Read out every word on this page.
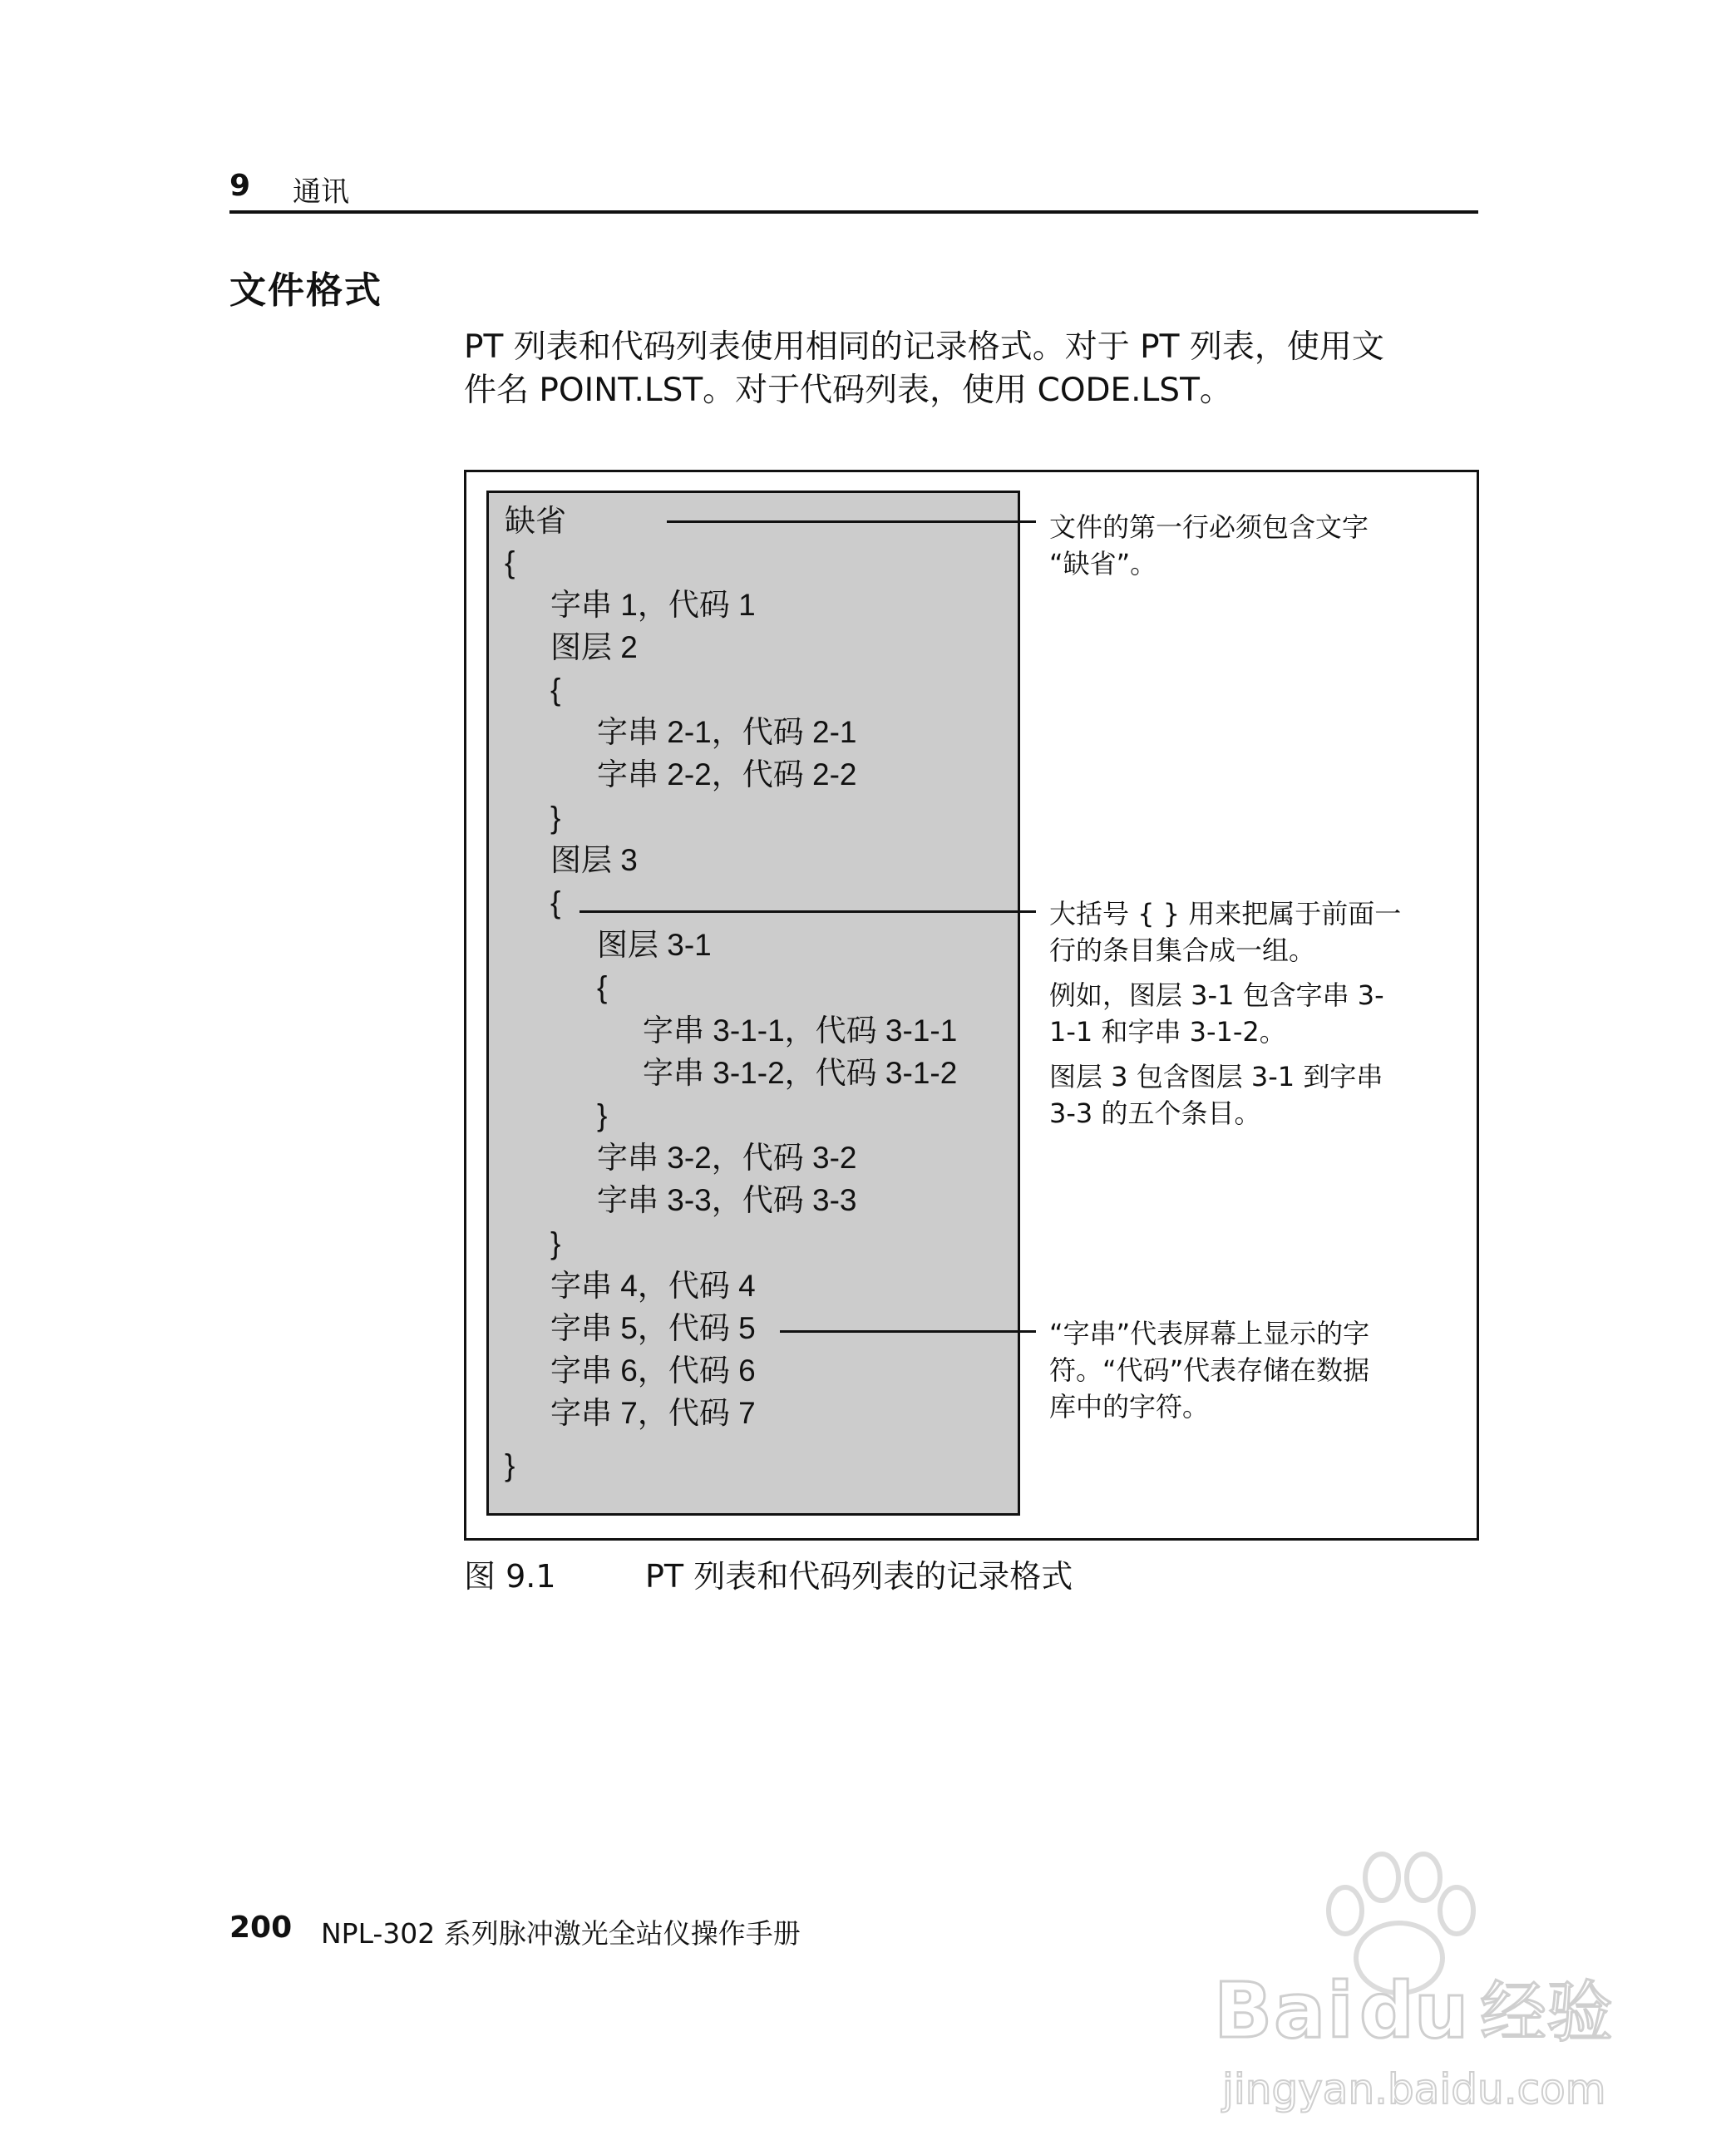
9 通讯
文件格式

PT 列表和代码列表使用相同的记录格式。对于 PT 列表，使用文

件名 POINT.LST。对于代码列表，使用 CODE.LST。

缺省
{
字串 1，代码 1
图层 2
{
字串 2-1，代码 2-1
字串 2-2，代码 2-2
}
图层 3
{
图层 3-1
{
字串 3-1-1，代码 3-1-1
字串 3-1-2，代码 3-1-2
}
字串 3-2，代码 3-2
字串 3-3，代码 3-3
}
字串 4，代码 4
字串 5，代码 5
字串 6，代码 6
字串 7，代码 7
}

文件的第一行必须包含文字

“缺省”。

大括号 { } 用来把属于前面一

行的条目集合成一组。

例如，图层 3-1 包含字串 3-

1-1 和字串 3-1-2。

图层 3 包含图层 3-1 到字串

3-3 的五个条目。

“字串”代表屏幕上显示的字

符。“代码”代表存储在数据

库中的字符。

图 9.1	PT 列表和代码列表的记录格式
200 NPL-302 系列脉冲激光全站仪操作手册
Bai du 经验
jingyan.baidu.com
